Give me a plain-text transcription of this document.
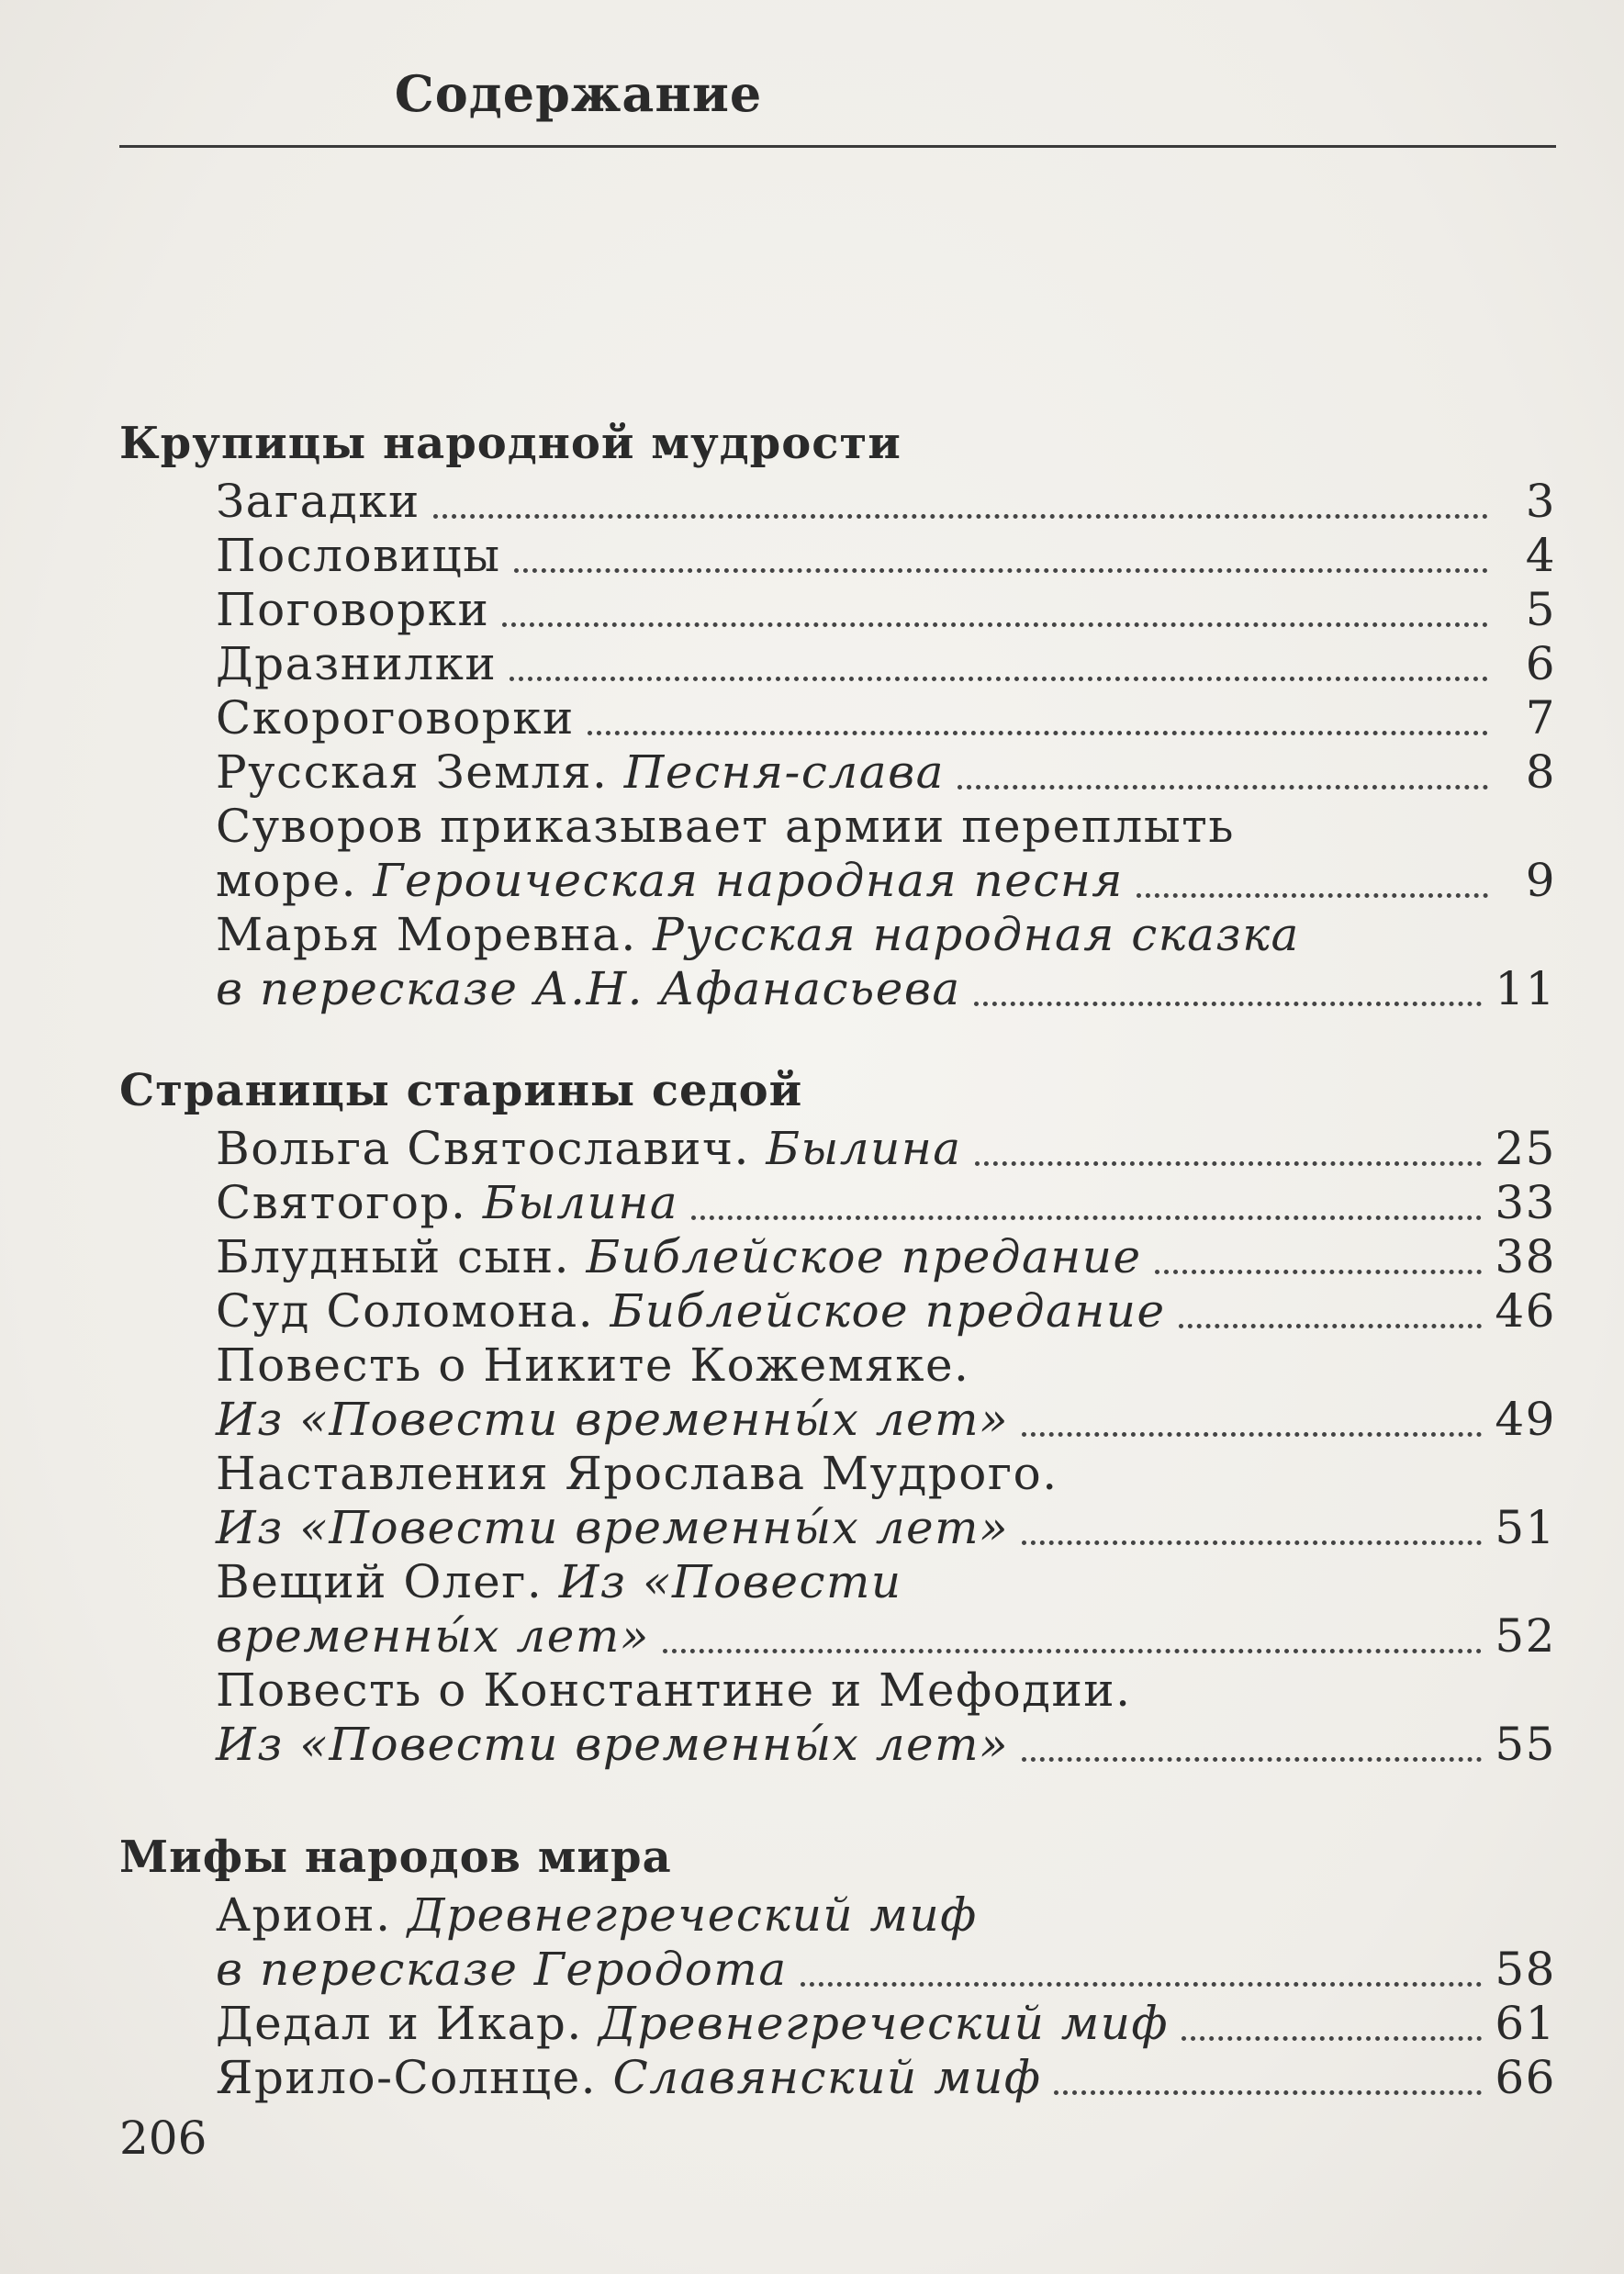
Содержание
Крупицы народной мудрости
Загадки	3
Пословицы	4
Поговорки	5
Дразнилки	6
Скороговорки	7
Русская Земля. Песня-слава	8
Суворов приказывает армии переплыть
море. Героическая народная песня	9
Марья Моревна. Русская народная сказка
в пересказе А.Н. Афанасьева	11
Страницы старины седой
Вольга Святославич. Былина	25
Святогор. Былина	33
Блудный сын. Библейское предание	38
Суд Соломона. Библейское предание	46
Повесть о Никите Кожемяке.
Из «Повести временны́х лет»	49
Наставления Ярослава Мудрого.
Из «Повести временны́х лет»	51
Вещий Олег. Из «Повести
временны́х лет»	52
Повесть о Константине и Мефодии.
Из «Повести временны́х лет»	55
Мифы народов мира
Арион. Древнегреческий миф
в пересказе Геродота	58
Дедал и Икар. Древнегреческий миф	61
Ярило-Солнце. Славянский миф	66
206
